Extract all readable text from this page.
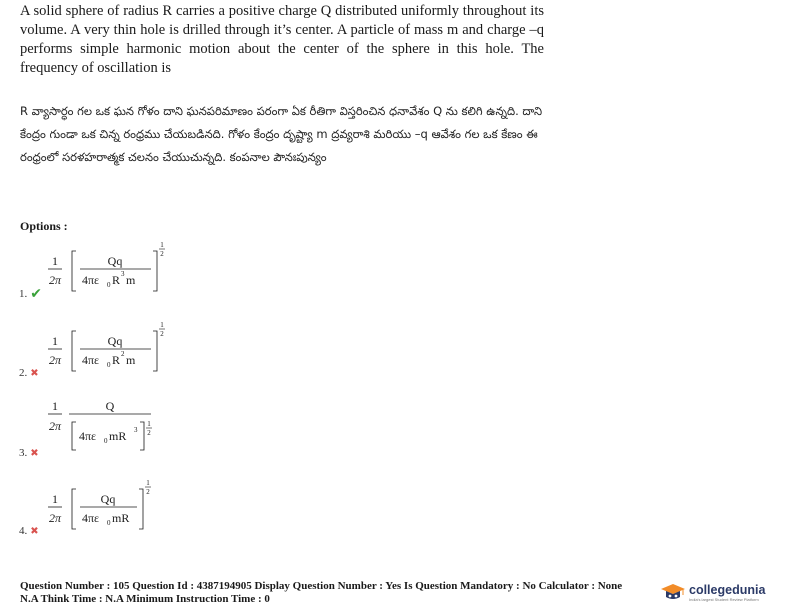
A solid sphere of radius R carries a positive charge Q distributed uniformly throughout its volume. A very thin hole is drilled through it’s center. A particle of mass m and charge –q performs simple harmonic motion about the center of the sphere in this hole. The frequency of oscillation is
R వ్యాసార్ధం గల ఒక ఘన గోళం దాని ఘనపరిమాణం పరంగా ఏక రీతిగా విస్తరించిన ధనావేశం Q ను కలిగి ఉన్నది. దాని కేంద్రం గుండా ఒక చిన్న రంధ్రము చేయబడినది. గోళం కేంద్రం దృష్ట్యా m ద్రవ్యరాశి మరియు –q ఆవేశం గల ఒక కేణం ఈ రంధ్రంలో సరళహరాత్మక చలనం చేయుచున్నది. కంపనాల పౌనఃపున్యం
Options :
1
2π
Qq
4πε 0 R 3 m
1
2
1. ✔
1
2π
Qq
4πε 0 R 2 m
1
2
2. ✖
1
2π
Q
4πε 0 mR 3
1
2
3. ✖
1
2π
Qq
4πε 0 mR
1
2
4. ✖
Question Number : 105 Question Id : 4387194905 Display Question Number : Yes Is Question Mandatory : No Calculator : None
N.A Think Time : N.A Minimum Instruction Time : 0
collegedunia
India's largest Student Review Platform
